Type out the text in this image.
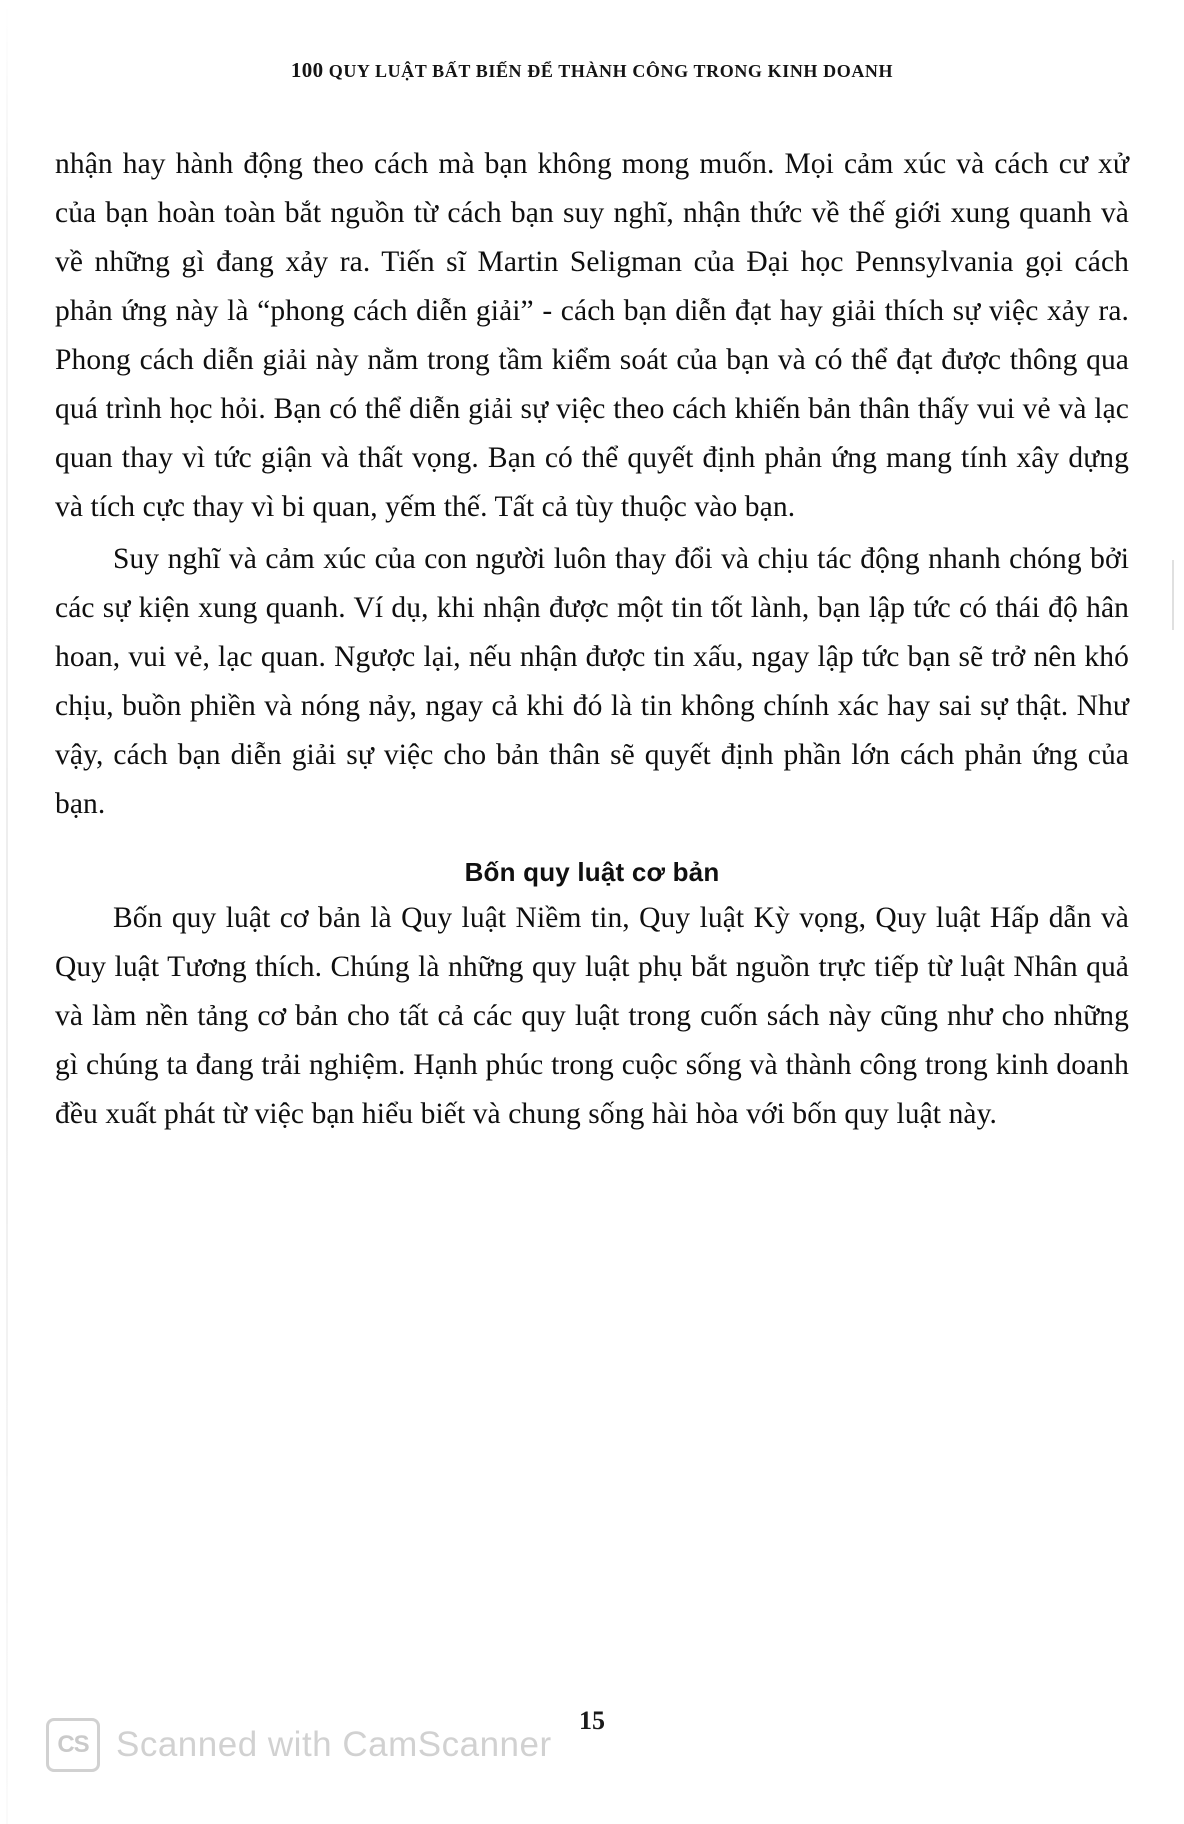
100 QUY LUẬT BẤT BIẾN ĐỂ THÀNH CÔNG TRONG KINH DOANH

nhận hay hành động theo cách mà bạn không mong muốn. Mọi cảm xúc và cách cư xử của bạn hoàn toàn bắt nguồn từ cách bạn suy nghĩ, nhận thức về thế giới xung quanh và về những gì đang xảy ra. Tiến sĩ Martin Seligman của Đại học Pennsylvania gọi cách phản ứng này là “phong cách diễn giải” - cách bạn diễn đạt hay giải thích sự việc xảy ra. Phong cách diễn giải này nằm trong tầm kiểm soát của bạn và có thể đạt được thông qua quá trình học hỏi. Bạn có thể diễn giải sự việc theo cách khiến bản thân thấy vui vẻ và lạc quan thay vì tức giận và thất vọng. Bạn có thể quyết định phản ứng mang tính xây dựng và tích cực thay vì bi quan, yếm thế. Tất cả tùy thuộc vào bạn.

Suy nghĩ và cảm xúc của con người luôn thay đổi và chịu tác động nhanh chóng bởi các sự kiện xung quanh. Ví dụ, khi nhận được một tin tốt lành, bạn lập tức có thái độ hân hoan, vui vẻ, lạc quan. Ngược lại, nếu nhận được tin xấu, ngay lập tức bạn sẽ trở nên khó chịu, buồn phiền và nóng nảy, ngay cả khi đó là tin không chính xác hay sai sự thật. Như vậy, cách bạn diễn giải sự việc cho bản thân sẽ quyết định phần lớn cách phản ứng của bạn.

Bốn quy luật cơ bản

Bốn quy luật cơ bản là Quy luật Niềm tin, Quy luật Kỳ vọng, Quy luật Hấp dẫn và Quy luật Tương thích. Chúng là những quy luật phụ bắt nguồn trực tiếp từ luật Nhân quả và làm nền tảng cơ bản cho tất cả các quy luật trong cuốn sách này cũng như cho những gì chúng ta đang trải nghiệm. Hạnh phúc trong cuộc sống và thành công trong kinh doanh đều xuất phát từ việc bạn hiểu biết và chung sống hài hòa với bốn quy luật này.

15
CS Scanned with CamScanner
